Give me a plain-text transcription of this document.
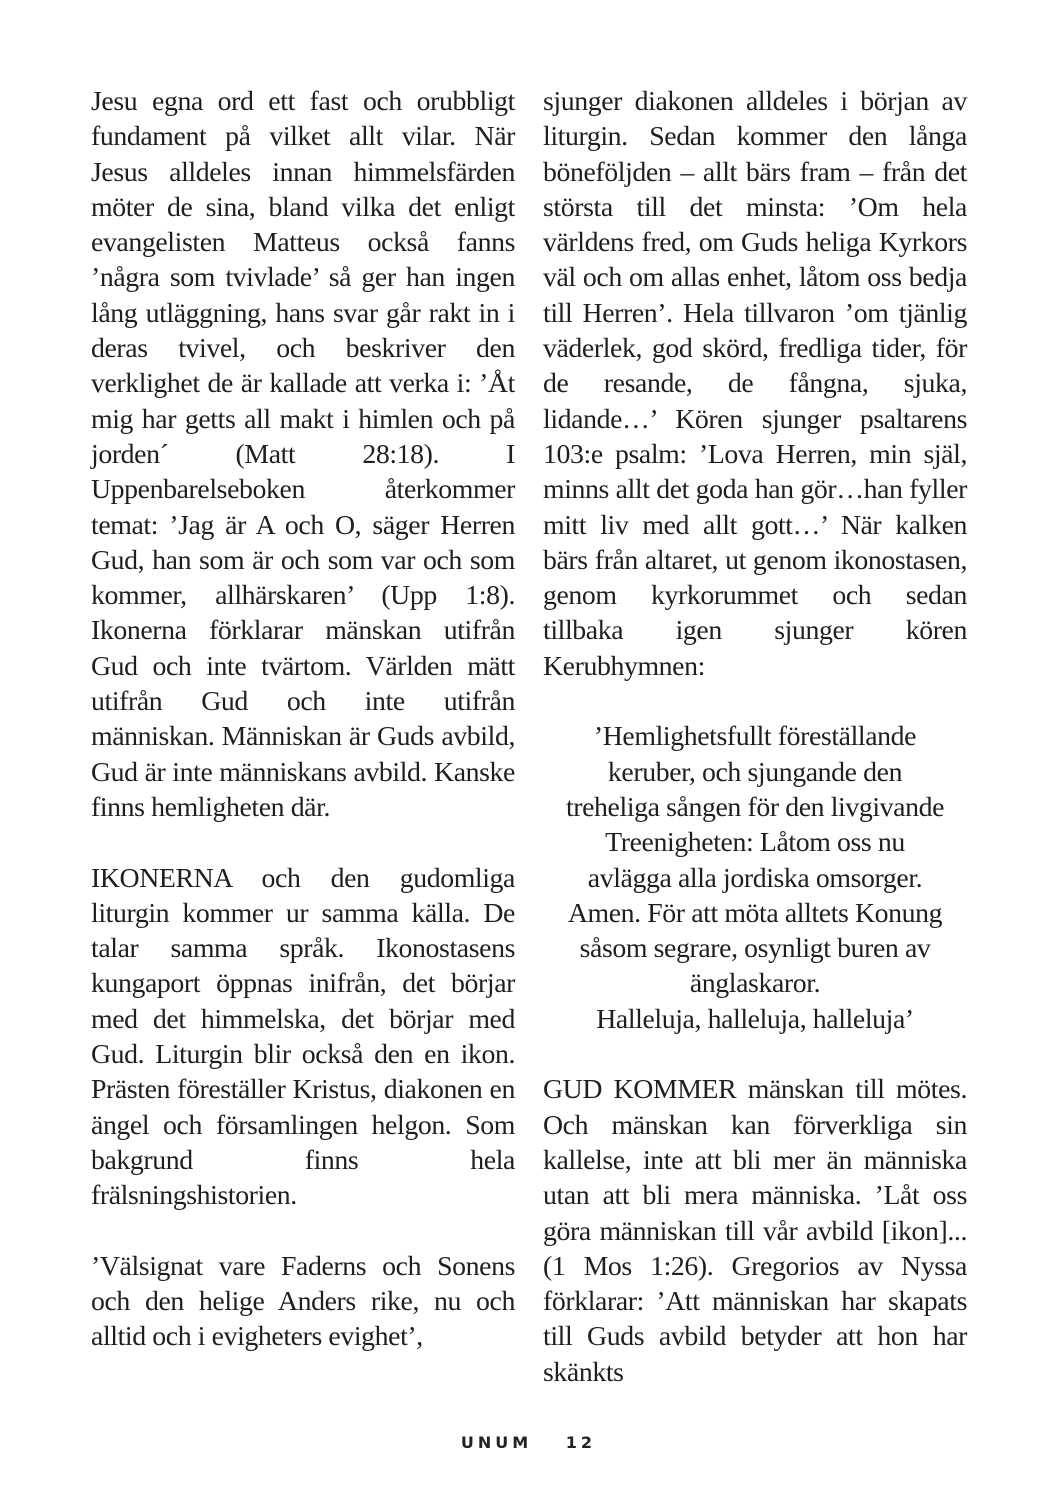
Jesu egna ord ett fast och orubbligt fundament på vilket allt vilar. När Jesus alldeles innan himmelsfärden möter de sina, bland vilka det enligt evangelisten Matteus också fanns ’några som tvivlade’ så ger han ingen lång utläggning, hans svar går rakt in i deras tvivel, och beskriver den verklighet de är kallade att verka i: ’Åt mig har getts all makt i himlen och på jorden´ (Matt 28:18). I Uppenbarelseboken återkommer temat: ’Jag är A och O, säger Herren Gud, han som är och som var och som kommer, allhärskaren’ (Upp 1:8). Ikonerna förklarar mänskan utifrån Gud och inte tvärtom. Världen mätt utifrån Gud och inte utifrån människan. Människan är Guds avbild, Gud är inte människans avbild. Kanske finns hemligheten där.

IKONERNA och den gudomliga liturgin kommer ur samma källa. De talar samma språk. Ikonostasens kungaport öppnas inifrån, det börjar med det himmelska, det börjar med Gud. Liturgin blir också den en ikon. Prästen föreställer Kristus, diakonen en ängel och församlingen helgon. Som bakgrund finns hela frälsningshistorien.

’Välsignat vare Faderns och Sonens och den helige Anders rike, nu och alltid och i evigheters evighet’,

sjunger diakonen alldeles i början av liturgin. Sedan kommer den långa böneföljden – allt bärs fram – från det största till det minsta: ’Om hela världens fred, om Guds heliga Kyrkors väl och om allas enhet, låtom oss bedja till Herren’. Hela tillvaron ’om tjänlig väderlek, god skörd, fredliga tider, för de resande, de fångna, sjuka, lidande…’ Kören sjunger psaltarens 103:e psalm: ’Lova Herren, min själ, minns allt det goda han gör…han fyller mitt liv med allt gott…’ När kalken bärs från altaret, ut genom ikonostasen, genom kyrkorummet och sedan tillbaka igen sjunger kören Kerubhymnen:

’Hemlighetsfullt föreställande

keruber, och sjungande den

treheliga sången för den livgivande

Treenigheten: Låtom oss nu

avlägga alla jordiska omsorger.

Amen. För att möta alltets Konung

såsom segrare, osynligt buren av

änglaskaror.

Halleluja, halleluja, halleluja’

GUD KOMMER mänskan till mötes. Och mänskan kan förverkliga sin kallelse, inte att bli mer än människa utan att bli mera människa. ’Låt oss göra människan till vår avbild [ikon]... (1 Mos 1:26). Gregorios av Nyssa förklarar: ’Att människan har skapats till Guds avbild betyder att hon har skänkts

UNUM 12
